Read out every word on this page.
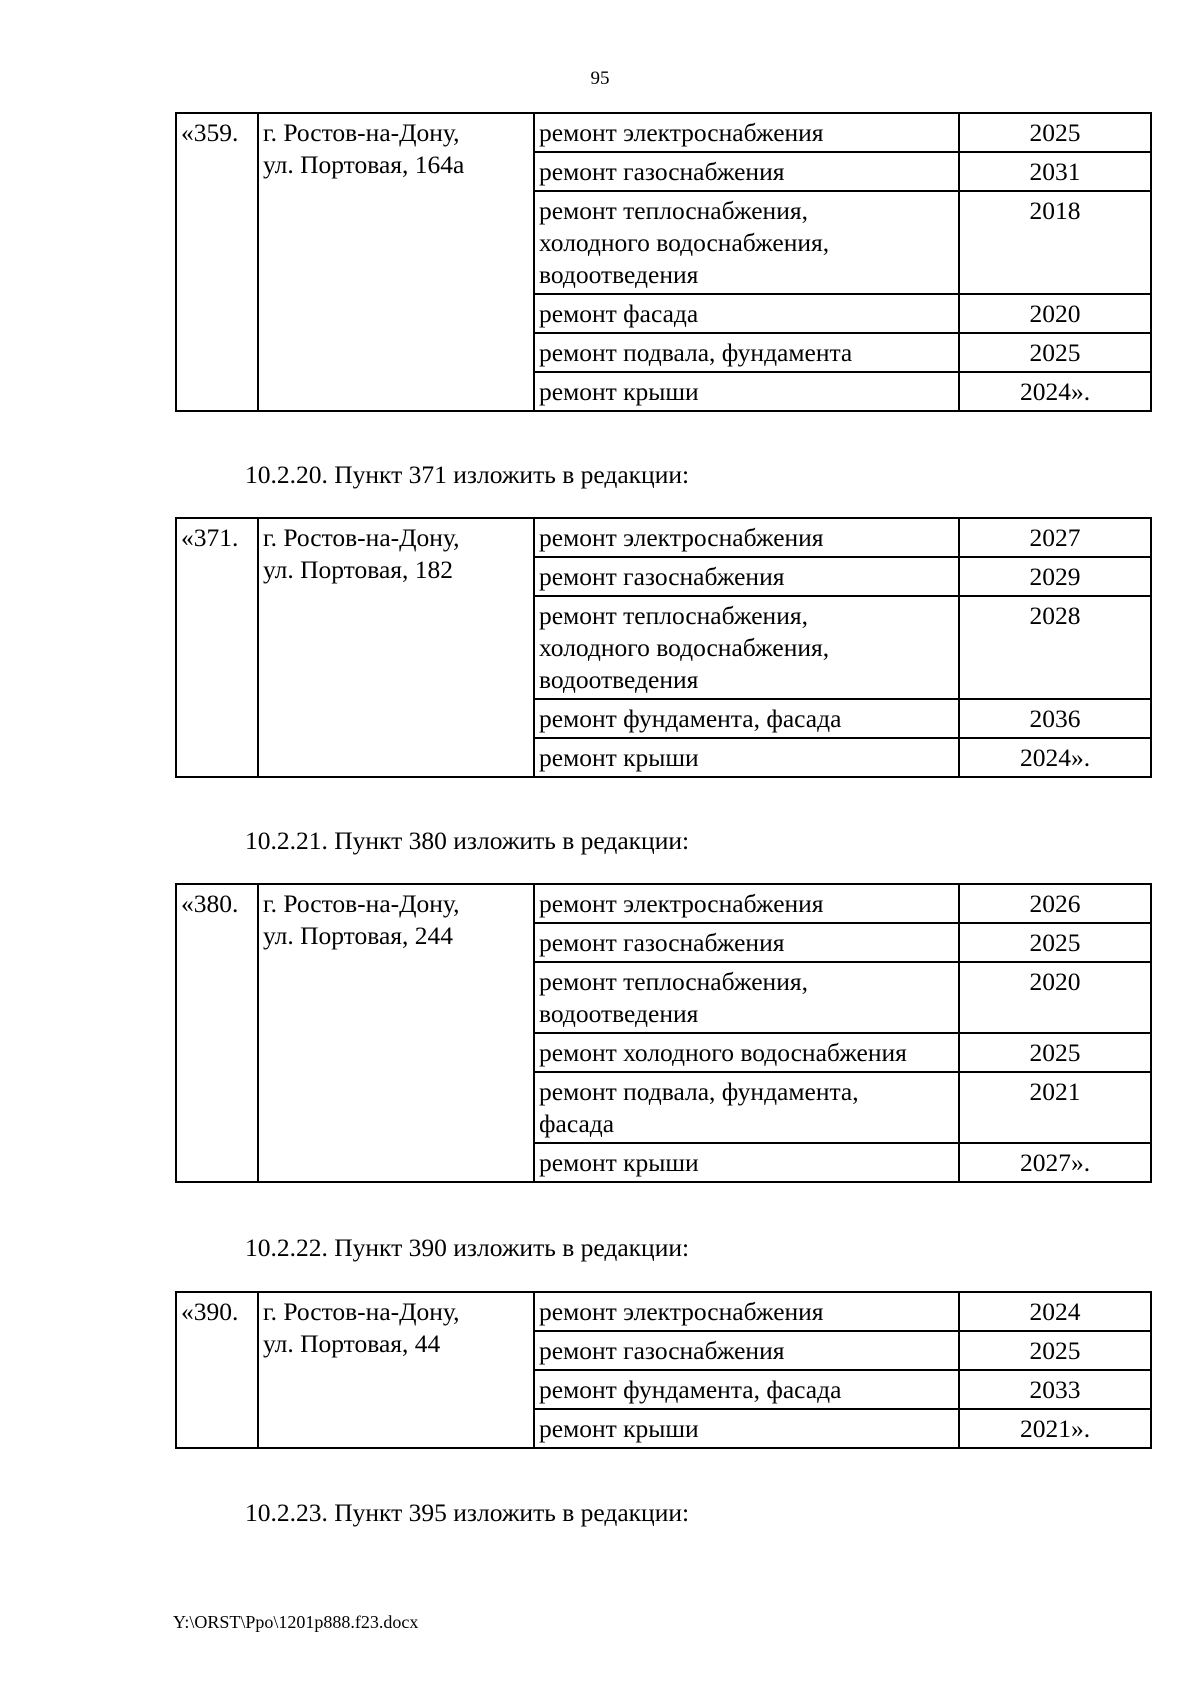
95
«359.	г. Ростов-на-Дону,
ул. Портовая, 164а	ремонт электроснабжения	2025
		ремонт газоснабжения	2031

		ремонт теплоснабжения,
холодного водоснабжения,
водоотведения	2018
		ремонт фасада	2020
		ремонт подвала, фундамента	2025
		ремонт крыши	2024».
10.2.20. Пункт 371 изложить в редакции:
«371.	г. Ростов-на-Дону,
ул. Портовая, 182	ремонт электроснабжения	2027
		ремонт газоснабжения	2029

		ремонт теплоснабжения,
холодного водоснабжения,
водоотведения	2028
		ремонт фундамента, фасада	2036
		ремонт крыши	2024».
10.2.21. Пункт 380 изложить в редакции:
«380.	г. Ростов-на-Дону,
ул. Портовая, 244	ремонт электроснабжения	2026
		ремонт газоснабжения	2025

		ремонт теплоснабжения,
водоотведения	2020
		ремонт холодного водоснабжения	2025

		ремонт подвала, фундамента,
фасада	2021
		ремонт крыши	2027».
10.2.22. Пункт 390 изложить в редакции:
«390.	г. Ростов-на-Дону,
ул. Портовая, 44	ремонт электроснабжения	2024
		ремонт газоснабжения	2025
		ремонт фундамента, фасада	2033
		ремонт крыши	2021».
10.2.23. Пункт 395 изложить в редакции:
Y:\ORST\Ppo\1201p888.f23.docx
